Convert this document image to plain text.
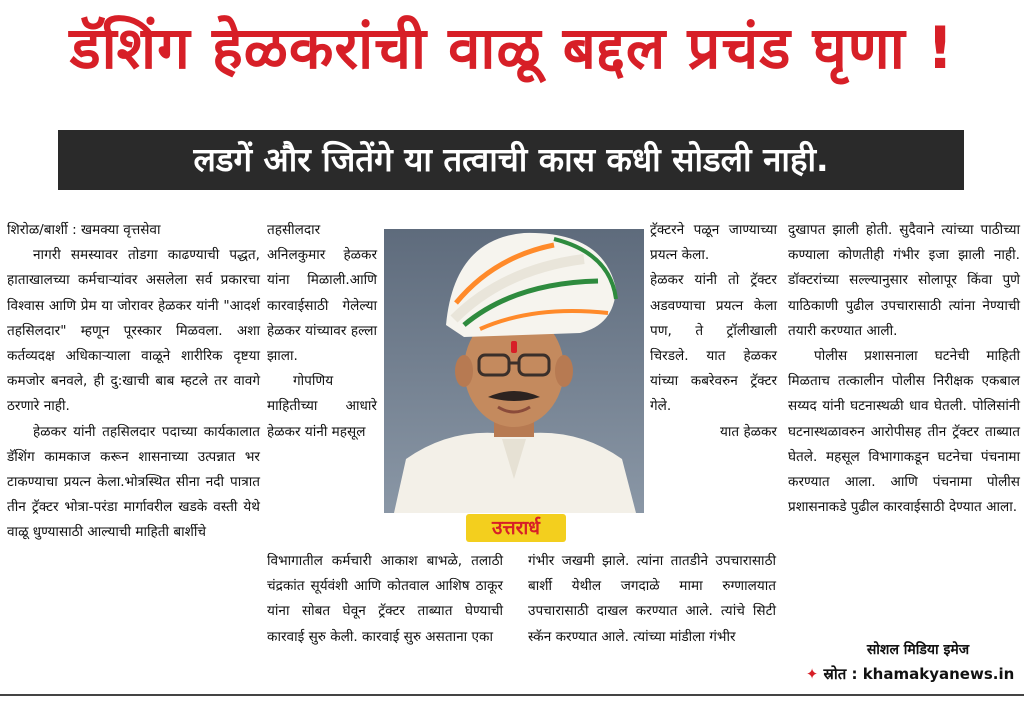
डॅशिंग हेळकरांची वाळू बद्दल प्रचंड घृणा !
लडगें और जितेंगे या तत्वाची कास कधी सोडली नाही.

शिरोळ/बार्शी : खमक्या वृत्तसेवा

नागरी समस्यावर तोडगा काढण्याची पद्धत, हाताखालच्या कर्मचाऱ्यांवर असलेला सर्व प्रकारचा विश्वास आणि प्रेम या जोरावर हेळकर यांनी "आदर्श तहसिलदार" म्हणून पूरस्कार मिळवला. अशा कर्तव्यदक्ष अधिकाऱ्याला वाळूने शारीरिक दृष्टया कमजोर बनवले, ही दु:खाची बाब म्हटले तर वावगे ठरणारे नाही.

हेळकर यांनी तहसिलदार पदाच्या कार्यकालात डॅशिंग कामकाज करून शासनाच्या उत्पन्नात भर टाकण्याचा प्रयत्न केला.भोत्रस्थित सीना नदी पात्रात तीन ट्रॅक्टर भोत्रा-परंडा मार्गावरील खडके वस्ती येथे वाळू धुण्यासाठी आल्याची माहिती बार्शीचे

तहसीलदार अनिलकुमार हेळकर यांना मिळाली.आणि कारवाईसाठी गेलेल्या हेळकर यांच्यावर हल्ला झाला.

गोपणिय माहितीच्या आधारे हेळकर यांनी महसूल

विभागातील कर्मचारी आकाश बाभळे, तलाठी चंद्रकांत सूर्यवंशी आणि कोतवाल आशिष ठाकूर यांना सोबत घेवून ट्रॅक्टर ताब्यात घेण्याची कारवाई सुरु केली. कारवाई सुरु असताना एका

उत्तरार्ध

ट्रॅक्टरने पळून जाण्याच्या प्रयत्न केला.

हेळकर यांनी तो ट्रॅक्टर अडवण्याचा प्रयत्न केला पण, ते ट्रॉलीखाली चिरडले. यात हेळकर यांच्या कबरेवरुन ट्रॅक्टर गेले.

यात हेळकर

गंभीर जखमी झाले. त्यांना तातडीने उपचारासाठी बार्शी येथील जगदाळे मामा रुग्णालयात उपचारासाठी दाखल करण्यात आले. त्यांचे सिटी स्कॅन करण्यात आले. त्यांच्या मांडीला गंभीर

दुखापत झाली होती. सुदैवाने त्यांच्या पाठीच्या कण्याला कोणतीही गंभीर इजा झाली नाही. डॉक्टरांच्या सल्ल्यानुसार सोलापूर किंवा पुणे याठिकाणी पुढील उपचारासाठी त्यांना नेण्याची तयारी करण्यात आली.

पोलीस प्रशासनाला घटनेची माहिती मिळताच तत्कालीन पोलीस निरीक्षक एकबाल सय्यद यांनी घटनास्थळी धाव घेतली. पोलिसांनी घटनास्थळावरुन आरोपीसह तीन ट्रॅक्टर ताब्यात घेतले. महसूल विभागाकडून घटनेचा पंचनामा करण्यात आला. आणि पंचनामा पोलीस प्रशासनाकडे पुढील कारवाईसाठी देण्यात आला.

सोशल मिडिया इमेज
✦ स्रोत : khamakyanews.in
